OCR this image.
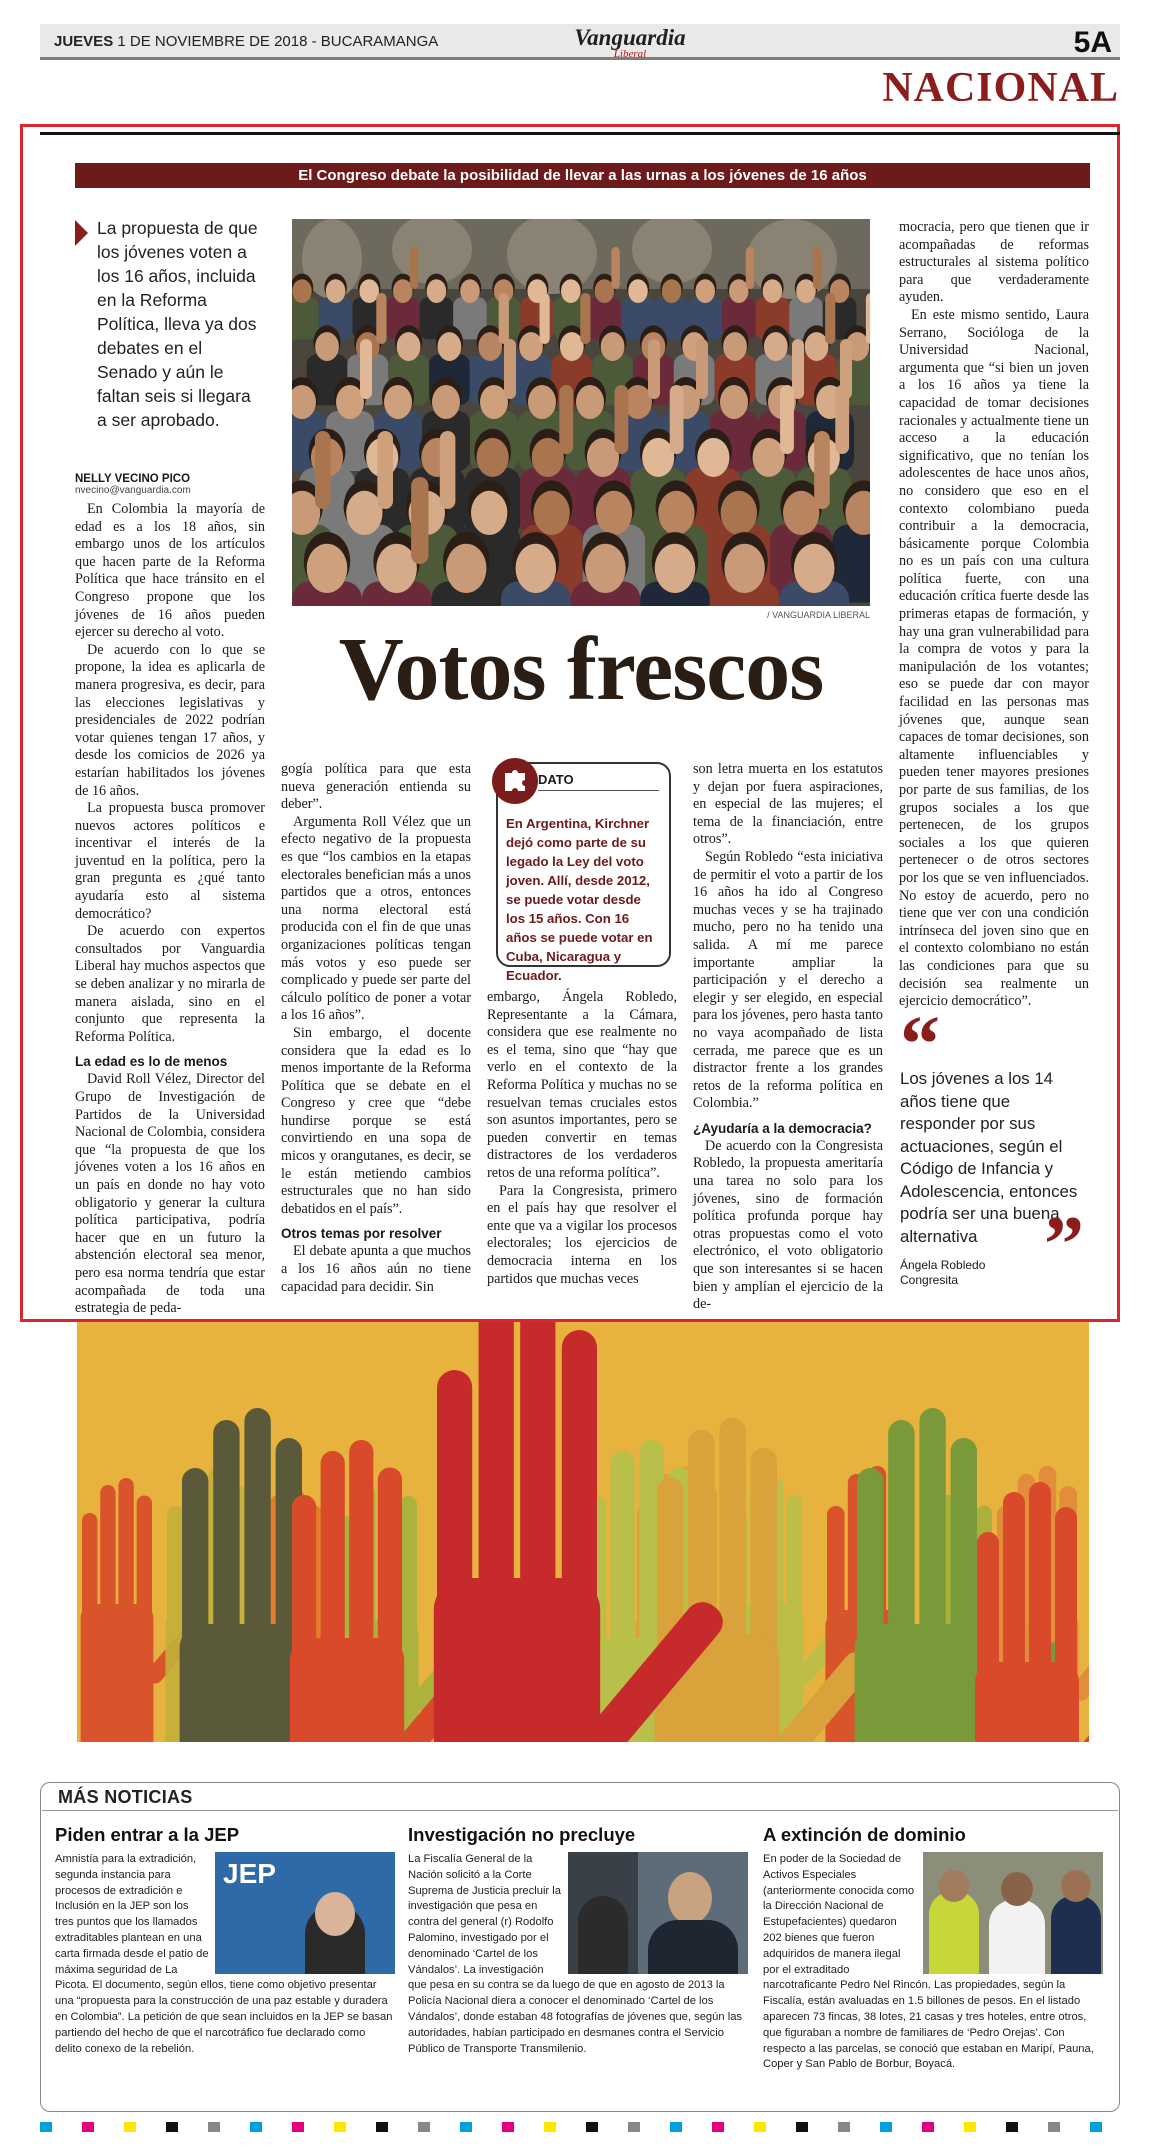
JUEVES 1 DE NOVIEMBRE DE 2018 - BUCARAMANGA	Vanguardia
Liberal	5A
NACIONAL
El Congreso debate la posibilidad de llevar a las urnas a los jóvenes de 16 años

La propuesta de que los jóvenes voten a los 16 años, incluida en la Reforma Política, lleva ya dos debates en el Senado y aún le faltan seis si llegara a ser aprobado.

NELLY VECINO PICO
nvecino@vanguardia.com

En Colombia la mayoría de edad es a los 18 años, sin embargo unos de los artículos que hacen parte de la Reforma Política que hace tránsito en el Congreso propone que los jóvenes de 16 años pueden ejercer su derecho al voto.

De acuerdo con lo que se propone, la idea es aplicarla de manera progresiva, es decir, para las elecciones legislativas y presidenciales de 2022 podrían votar quienes tengan 17 años, y desde los comicios de 2026 ya estarían habilitados los jóvenes de 16 años.

La propuesta busca promover nuevos actores políticos e incentivar el interés de la juventud en la política, pero la gran pregunta es ¿qué tanto ayudaría esto al sistema democrático?

De acuerdo con expertos consultados por Vanguardia Liberal hay muchos aspectos que se deben analizar y no mirarla de manera aislada, sino en el conjunto que representa la Reforma Política.

La edad es lo de menos

David Roll Vélez, Director del Grupo de Investigación de Partidos de la Universidad Nacional de Colombia, considera que “la propuesta de que los jóvenes voten a los 16 años en un país en donde no hay voto obligatorio y generar la cultura política participativa, podría hacer que en un futuro la abstención electoral sea menor, pero esa norma tendría que estar acompañada de toda una estrategia de peda-

/ VANGUARDIA LIBERAL
Votos frescos

gogía política para que esta nueva generación entienda su deber”.

Argumenta Roll Vélez que un efecto negativo de la propuesta es que “los cambios en la etapas electorales benefician más a unos partidos que a otros, entonces una norma electoral está producida con el fin de que unas organizaciones políticas tengan más votos y eso puede ser complicado y puede ser parte del cálculo político de poner a votar a los 16 años”.

Sin embargo, el docente considera que la edad es lo menos importante de la Reforma Política que se debate en el Congreso y cree que “debe hundirse porque se está convirtiendo en una sopa de micos y orangutanes, es decir, se le están metiendo cambios estructurales que no han sido debatidos en el país”.

Otros temas por resolver

El debate apunta a que muchos a los 16 años aún no tiene capacidad para decidir. Sin

DATO
En Argentina, Kirchner dejó como parte de su legado la Ley del voto joven. Allí, desde 2012, se puede votar desde los 15 años. Con 16 años se puede votar en Cuba, Nicaragua y Ecuador.

embargo, Ángela Robledo, Representante a la Cámara, considera que ese realmente no es el tema, sino que “hay que verlo en el contexto de la Reforma Política y muchas no se resuelvan temas cruciales estos son asuntos importantes, pero se pueden convertir en temas distractores de los verdaderos retos de una reforma política”.

Para la Congresista, primero en el país hay que resolver el ente que va a vigilar los procesos electorales; los ejercicios de democracia interna en los partidos que muchas veces

son letra muerta en los estatutos y dejan por fuera aspiraciones, en especial de las mujeres; el tema de la financiación, entre otros”.

Según Robledo “esta iniciativa de permitir el voto a partir de los 16 años ha ido al Congreso muchas veces y se ha trajinado mucho, pero no ha tenido una salida. A mí me parece importante ampliar la participación y el derecho a elegir y ser elegido, en especial para los jóvenes, pero hasta tanto no vaya acompañado de lista cerrada, me parece que es un distractor frente a los grandes retos de la reforma política en Colombia.”

¿Ayudaría a la democracia?

De acuerdo con la Congresista Robledo, la propuesta ameritaría una tarea no solo para los jóvenes, sino de formación política profunda porque hay otras propuestas como el voto electrónico, el voto obligatorio que son interesantes si se hacen bien y amplían el ejercicio de la de-

mocracia, pero que tienen que ir acompañadas de reformas estructurales al sistema político para que verdaderamente ayuden.

En este mismo sentido, Laura Serrano, Socióloga de la Universidad Nacional, argumenta que “si bien un joven a los 16 años ya tiene la capacidad de tomar decisiones racionales y actualmente tiene un acceso a la educación significativo, que no tenían los adolescentes de hace unos años, no considero que eso en el contexto colombiano pueda contribuir a la democracia, básicamente porque Colombia no es un país con una cultura política fuerte, con una educación crítica fuerte desde las primeras etapas de formación, y hay una gran vulnerabilidad para la compra de votos y para la manipulación de los votantes; eso se puede dar con mayor facilidad en las personas mas jóvenes que, aunque sean capaces de tomar decisiones, son altamente influenciables y pueden tener mayores presiones por parte de sus familias, de los grupos sociales a los que pertenecen, de los grupos sociales a los que quieren pertenecer o de otros sectores por los que se ven influenciados. No estoy de acuerdo, pero no tiene que ver con una condición intrínseca del joven sino que en el contexto colombiano no están las condiciones para que su decisión sea realmente un ejercicio democrático”.

“
Los jóvenes a los 14 años tiene que responder por sus actuaciones, según el Código de Infancia y Adolescencia, entonces podría ser una buena alternativa
Ángela Robledo
Congresita	”
MÁS NOTICIAS
Piden entrar a la JEP
JEP
Amnistía para la extradición, segunda instancia para procesos de extradición e Inclusión en la JEP son los tres puntos que los llamados extraditables plantean en una carta firmada desde el patio de máxima seguridad de La Picota. El documento, según ellos, tiene como objetivo presentar una “propuesta para la construcción de una paz estable y duradera en Colombia”. La petición de que sean incluidos en la JEP se basan partiendo del hecho de que el narcotráfico fue declarado como delito conexo de la rebelión.
Investigación no precluye
La Fiscalía General de la Nación solicitó a la Corte Suprema de Justicia precluir la investigación que pesa en contra del general (r) Rodolfo Palomino, investigado por el denominado ‘Cartel de los Vándalos’. La investigación que pesa en su contra se da luego de que en agosto de 2013 la Policía Nacional diera a conocer el denominado ‘Cartel de los Vándalos’, donde estaban 48 fotografías de jóvenes que, según las autoridades, habían participado en desmanes contra el Servicio Público de Transporte Transmilenio.
A extinción de dominio
En poder de la Sociedad de Activos Especiales (anteriormente conocida como la Dirección Nacional de Estupefacientes) quedaron 202 bienes que fueron adquiridos de manera ilegal por el extraditado narcotraficante Pedro Nel Rincón. Las propiedades, según la Fiscalía, están avaluadas en 1.5 billones de pesos. En el listado aparecen 73 fincas, 38 lotes, 21 casas y tres hoteles, entre otros, que figuraban a nombre de familiares de ‘Pedro Orejas’. Con respecto a las parcelas, se conoció que estaban en Maripí, Pauna, Coper y San Pablo de Borbur, Boyacá.
